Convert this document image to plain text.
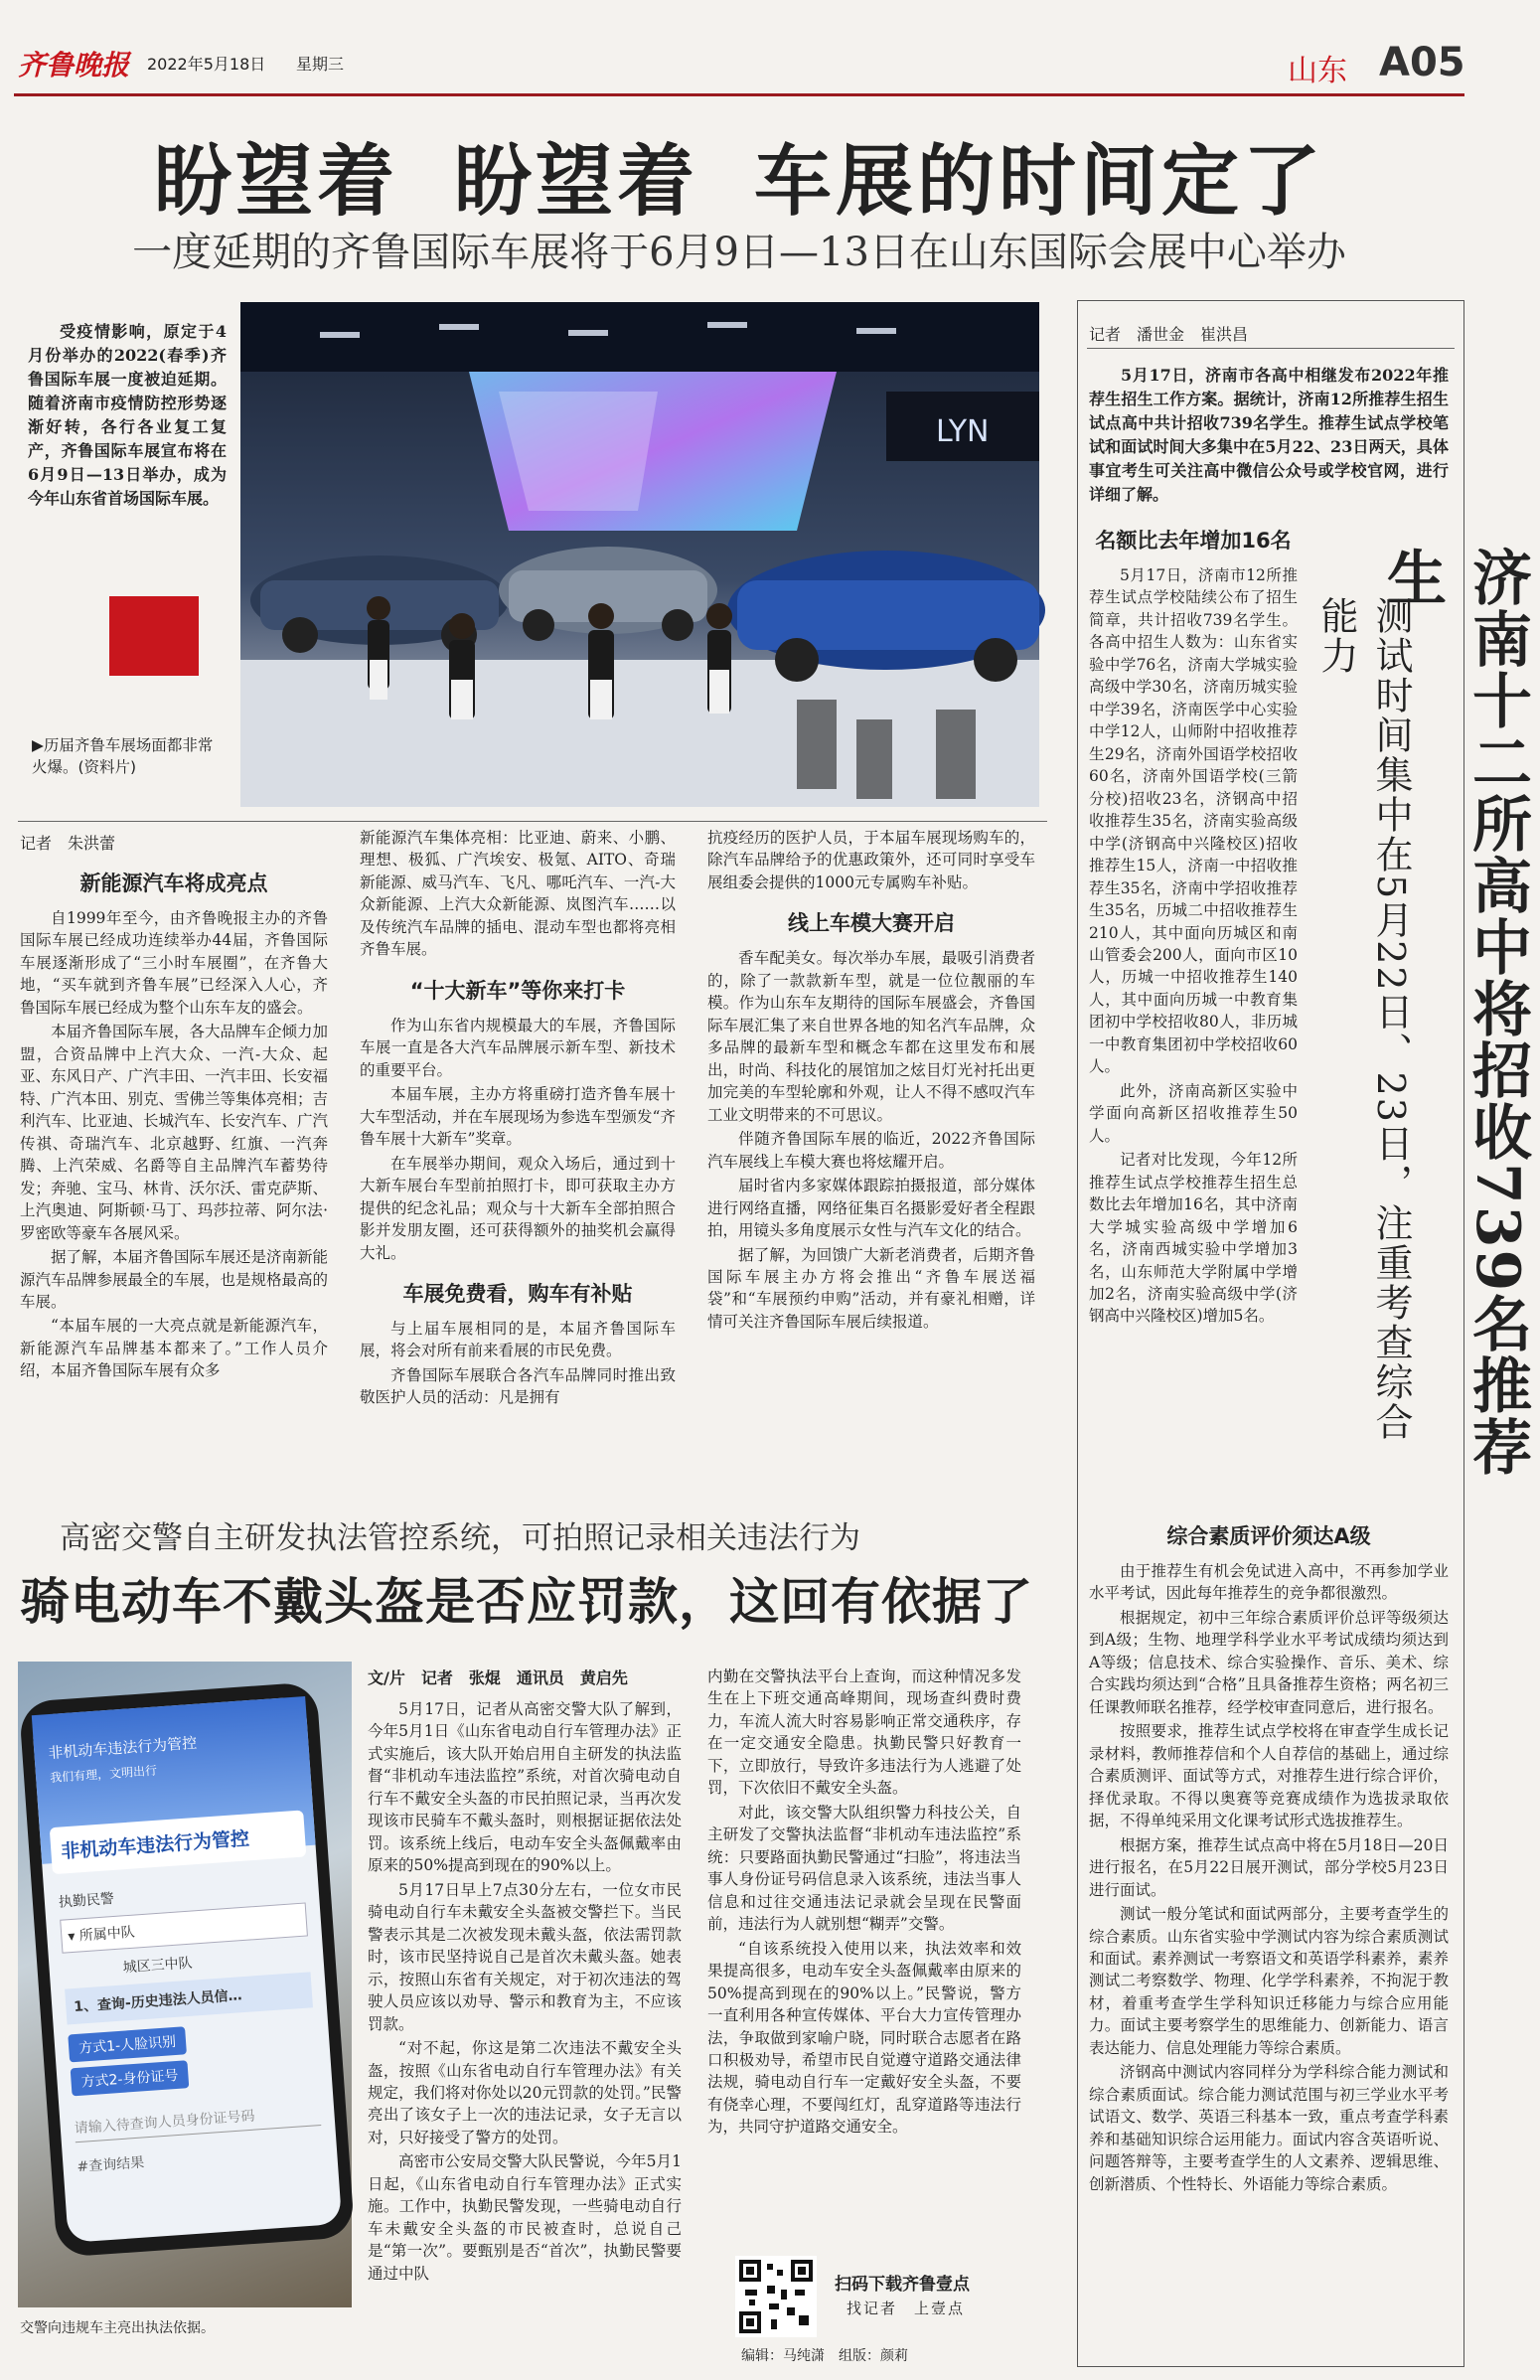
齐鲁晚报 2022年5月18日 星期三	山东 A05
盼望着 盼望着 车展的时间定了
一度延期的齐鲁国际车展将于6月9日—13日在山东国际会展中心举办
受疫情影响，原定于4月份举办的2022(春季)齐鲁国际车展一度被迫延期。随着济南市疫情防控形势逐渐好转，各行各业复工复产，齐鲁国际车展宣布将在6月9日—13日举办，成为今年山东省首场国际车展。
▶历届齐鲁车展场面都非常火爆。(资料片)
LYN
记者　朱洪蕾
新能源汽车将成亮点

自1999年至今，由齐鲁晚报主办的齐鲁国际车展已经成功连续举办44届，齐鲁国际车展逐渐形成了“三小时车展圈”，在齐鲁大地，“买车就到齐鲁车展”已经深入人心，齐鲁国际车展已经成为整个山东车友的盛会。

本届齐鲁国际车展，各大品牌车企倾力加盟，合资品牌中上汽大众、一汽-大众、起亚、东风日产、广汽丰田、一汽丰田、长安福特、广汽本田、别克、雪佛兰等集体亮相；吉利汽车、比亚迪、长城汽车、长安汽车、广汽传祺、奇瑞汽车、北京越野、红旗、一汽奔腾、上汽荣威、名爵等自主品牌汽车蓄势待发；奔驰、宝马、林肯、沃尔沃、雷克萨斯、上汽奥迪、阿斯顿·马丁、玛莎拉蒂、阿尔法·罗密欧等豪车各展风采。

据了解，本届齐鲁国际车展还是济南新能源汽车品牌参展最全的车展，也是规格最高的车展。

“本届车展的一大亮点就是新能源汽车，新能源汽车品牌基本都来了。”工作人员介绍，本届齐鲁国际车展有众多

新能源汽车集体亮相：比亚迪、蔚来、小鹏、理想、极狐、广汽埃安、极氪、AITO、奇瑞新能源、威马汽车、飞凡、哪吒汽车、一汽-大众新能源、上汽大众新能源、岚图汽车……以及传统汽车品牌的插电、混动车型也都将亮相齐鲁车展。

“十大新车”等你来打卡

作为山东省内规模最大的车展，齐鲁国际车展一直是各大汽车品牌展示新车型、新技术的重要平台。

本届车展，主办方将重磅打造齐鲁车展十大车型活动，并在车展现场为参选车型颁发“齐鲁车展十大新车”奖章。

在车展举办期间，观众入场后，通过到十大新车展台车型前拍照打卡，即可获取主办方提供的纪念礼品；观众与十大新车全部拍照合影并发朋友圈，还可获得额外的抽奖机会赢得大礼。

车展免费看，购车有补贴

与上届车展相同的是，本届齐鲁国际车展，将会对所有前来看展的市民免费。

齐鲁国际车展联合各汽车品牌同时推出致敬医护人员的活动：凡是拥有

抗疫经历的医护人员，于本届车展现场购车的，除汽车品牌给予的优惠政策外，还可同时享受车展组委会提供的1000元专属购车补贴。

线上车模大赛开启

香车配美女。每次举办车展，最吸引消费者的，除了一款款新车型，就是一位位靓丽的车模。作为山东车友期待的国际车展盛会，齐鲁国际车展汇集了来自世界各地的知名汽车品牌，众多品牌的最新车型和概念车都在这里发布和展出，时尚、科技化的展馆加之炫目灯光衬托出更加完美的车型轮廓和外观，让人不得不感叹汽车工业文明带来的不可思议。

伴随齐鲁国际车展的临近，2022齐鲁国际汽车展线上车模大赛也将炫耀开启。

届时省内多家媒体跟踪拍摄报道，部分媒体进行网络直播，网络征集百名摄影爱好者全程跟拍，用镜头多角度展示女性与汽车文化的结合。

据了解，为回馈广大新老消费者，后期齐鲁国际车展主办方将会推出“齐鲁车展送福袋”和“车展预约申购”活动，并有豪礼相赠，详情可关注齐鲁国际车展后续报道。

高密交警自主研发执法管控系统，可拍照记录相关违法行为
骑电动车不戴头盔是否应罚款，这回有依据了
非机动车违法行为管控
我们有理，文明出行
非机动车违法行为管控
执勤民警
▾ 所属中队
城区三中队
1、查询-历史违法人员信…
方式1-人脸识别
方式2-身份证号
请输入待查询人员身份证号码
#查询结果
交警向违规车主亮出执法依据。
文/片　记者　张焜　通讯员　黄启先

5月17日，记者从高密交警大队了解到，今年5月1日《山东省电动自行车管理办法》正式实施后，该大队开始启用自主研发的执法监督“非机动车违法监控”系统，对首次骑电动自行车不戴安全头盔的市民拍照记录，当再次发现该市民骑车不戴头盔时，则根据证据依法处罚。该系统上线后，电动车安全头盔佩戴率由原来的50%提高到现在的90%以上。

5月17日早上7点30分左右，一位女市民骑电动自行车未戴安全头盔被交警拦下。当民警表示其是二次被发现未戴头盔，依法需罚款时，该市民坚持说自己是首次未戴头盔。她表示，按照山东省有关规定，对于初次违法的驾驶人员应该以劝导、警示和教育为主，不应该罚款。

“对不起，你这是第二次违法不戴安全头盔，按照《山东省电动自行车管理办法》有关规定，我们将对你处以20元罚款的处罚。”民警亮出了该女子上一次的违法记录，女子无言以对，只好接受了警方的处罚。

高密市公安局交警大队民警说，今年5月1日起，《山东省电动自行车管理办法》正式实施。工作中，执勤民警发现，一些骑电动自行车未戴安全头盔的市民被查时，总说自己是“第一次”。要甄别是否“首次”，执勤民警要通过中队

内勤在交警执法平台上查询，而这种情况多发生在上下班交通高峰期间，现场查纠费时费力，车流人流大时容易影响正常交通秩序，存在一定交通安全隐患。执勤民警只好教育一下，立即放行，导致许多违法行为人逃避了处罚，下次依旧不戴安全头盔。

对此，该交警大队组织警力科技公关，自主研发了交警执法监督“非机动车违法监控”系统：只要路面执勤民警通过“扫脸”，将违法当事人身份证号码信息录入该系统，违法当事人信息和过往交通违法记录就会呈现在民警面前，违法行为人就别想“糊弄”交警。

“自该系统投入使用以来，执法效率和效果提高很多，电动车安全头盔佩戴率由原来的50%提高到现在的90%以上。”民警说，警方一直利用各种宣传媒体、平台大力宣传管理办法，争取做到家喻户晓，同时联合志愿者在路口积极劝导，希望市民自觉遵守道路交通法律法规，骑电动自行车一定戴好安全头盔，不要有侥幸心理，不要闯红灯，乱穿道路等违法行为，共同守护道路交通安全。

扫码下载齐鲁壹点
找记者　上壹点
编辑：马纯潇　组版：颜莉
记者　潘世金　崔洪昌
5月17日，济南市各高中相继发布2022年推荐生招生工作方案。据统计，济南12所推荐生招生试点高中共计招收739名学生。推荐生试点学校笔试和面试时间大多集中在5月22、23日两天，具体事宜考生可关注高中微信公众号或学校官网，进行详细了解。
济南十二所高中将招收739名推荐生
测试时间集中在5月22日、23日，注重考查综合能力
名额比去年增加16名

5月17日，济南市12所推荐生试点学校陆续公布了招生简章，共计招收739名学生。各高中招生人数为：山东省实验中学76名，济南大学城实验高级中学30名，济南历城实验中学39名，济南医学中心实验中学12人，山师附中招收推荐生29名，济南外国语学校招收60名，济南外国语学校(三箭分校)招收23名，济钢高中招收推荐生35名，济南实验高级中学(济钢高中兴隆校区)招收推荐生15人，济南一中招收推荐生35名，济南中学招收推荐生35名，历城二中招收推荐生210人，其中面向历城区和南山管委会200人，面向市区10人，历城一中招收推荐生140人，其中面向历城一中教育集团初中学校招收80人，非历城一中教育集团初中学校招收60人。

此外，济南高新区实验中学面向高新区招收推荐生50人。

记者对比发现，今年12所推荐生试点学校推荐生招生总数比去年增加16名，其中济南大学城实验高级中学增加6名，济南西城实验中学增加3名，山东师范大学附属中学增加2名，济南实验高级中学(济钢高中兴隆校区)增加5名。

综合素质评价须达A级

由于推荐生有机会免试进入高中，不再参加学业水平考试，因此每年推荐生的竞争都很激烈。

根据规定，初中三年综合素质评价总评等级须达到A级；生物、地理学科学业水平考试成绩均须达到A等级；信息技术、综合实验操作、音乐、美术、综合实践均须达到“合格”且具备推荐生资格；两名初三任课教师联名推荐，经学校审查同意后，进行报名。

按照要求，推荐生试点学校将在审查学生成长记录材料，教师推荐信和个人自荐信的基础上，通过综合素质测评、面试等方式，对推荐生进行综合评价，择优录取。不得以奥赛等竞赛成绩作为选拔录取依据，不得单纯采用文化课考试形式选拔推荐生。

根据方案，推荐生试点高中将在5月18日—20日进行报名，在5月22日展开测试，部分学校5月23日进行面试。

测试一般分笔试和面试两部分，主要考查学生的综合素质。山东省实验中学测试内容为综合素质测试和面试。素养测试一考察语文和英语学科素养，素养测试二考察数学、物理、化学学科素养，不拘泥于教材，着重考查学生学科知识迁移能力与综合应用能力。面试主要考察学生的思维能力、创新能力、语言表达能力、信息处理能力等综合素质。

济钢高中测试内容同样分为学科综合能力测试和综合素质面试。综合能力测试范围与初三学业水平考试语文、数学、英语三科基本一致，重点考查学科素养和基础知识综合运用能力。面试内容含英语听说、问题答辩等，主要考查学生的人文素养、逻辑思维、创新潜质、个性特长、外语能力等综合素质。
